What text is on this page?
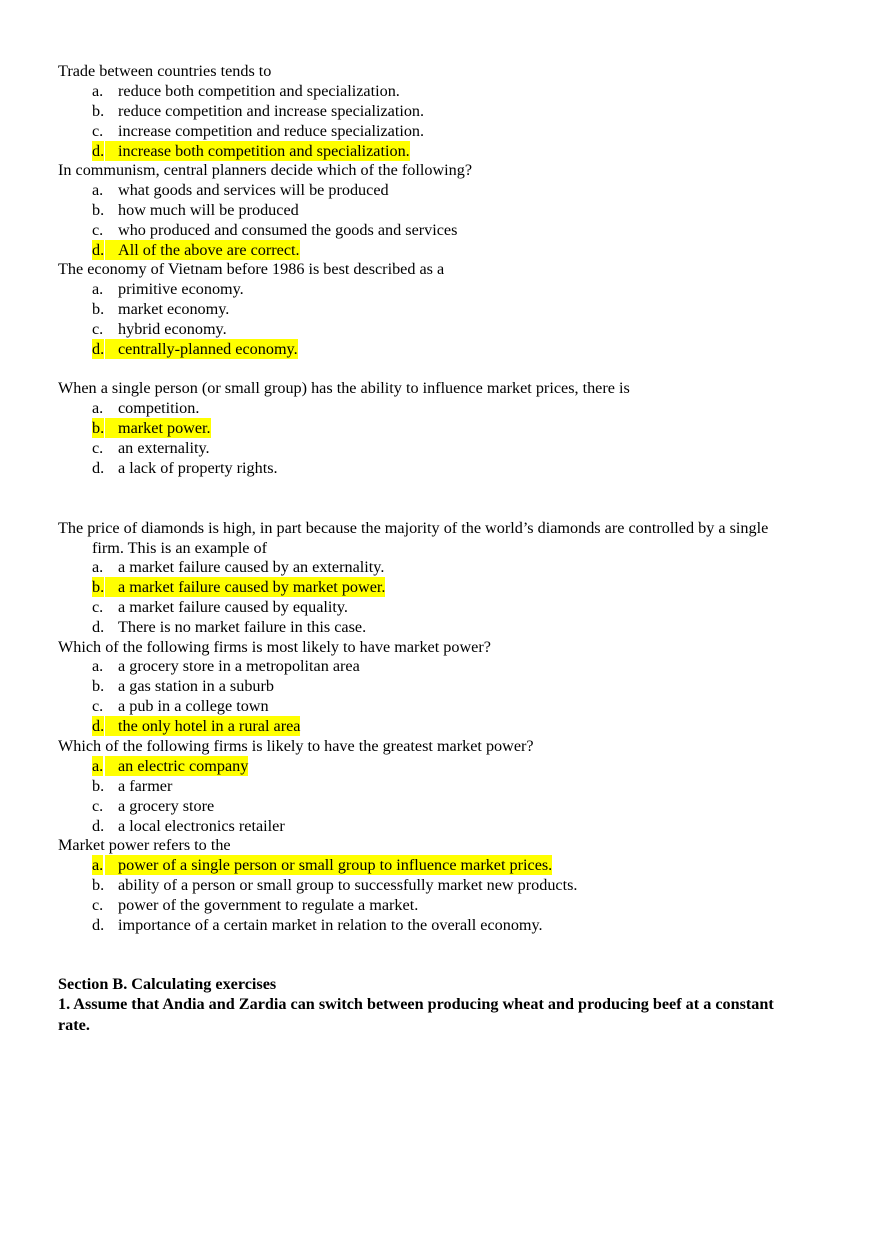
Trade between countries tends to
a. reduce both competition and specialization.
b. reduce competition and increase specialization.
c. increase competition and reduce specialization.
d. increase both competition and specialization.
In communism, central planners decide which of the following?
a. what goods and services will be produced
b. how much will be produced
c. who produced and consumed the goods and services
d. All of the above are correct.
The economy of Vietnam before 1986 is best described as a
a. primitive economy.
b. market economy.
c. hybrid economy.
d. centrally-planned economy.
When a single person (or small group) has the ability to influence market prices, there is
a. competition.
b. market power.
c. an externality.
d. a lack of property rights.
The price of diamonds is high, in part because the majority of the world’s diamonds are controlled by a single
firm. This is an example of
a. a market failure caused by an externality.
b. a market failure caused by market power.
c. a market failure caused by equality.
d. There is no market failure in this case.
Which of the following firms is most likely to have market power?
a. a grocery store in a metropolitan area
b. a gas station in a suburb
c. a pub in a college town
d. the only hotel in a rural area
Which of the following firms is likely to have the greatest market power?
a. an electric company
b. a farmer
c. a grocery store
d. a local electronics retailer
Market power refers to the
a. power of a single person or small group to influence market prices.
b. ability of a person or small group to successfully market new products.
c. power of the government to regulate a market.
d. importance of a certain market in relation to the overall economy.
Section B. Calculating exercises
1. Assume that Andia and Zardia can switch between producing wheat and producing beef at a constant
rate.
